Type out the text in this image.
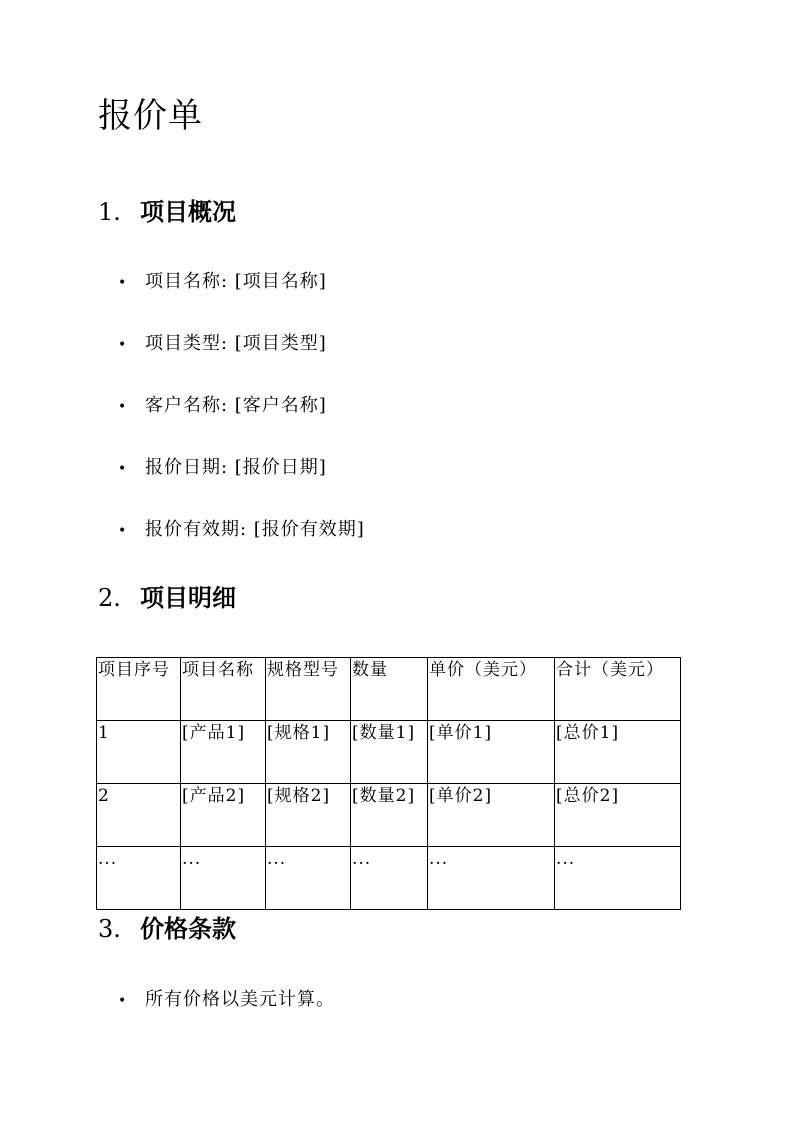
报价单
1. 项目概况
• 项目名称: [项目名称]
• 项目类型: [项目类型]
• 客户名称: [客户名称]
• 报价日期: [报价日期]
• 报价有效期: [报价有效期]
2. 项目明细
项目序号	项目名称	规格型号	数量	单价（美元）	合计（美元）
1	[产品1]	[规格1]	[数量1]	[单价1]	[总价1]
2	[产品2]	[规格2]	[数量2]	[单价2]	[总价2]
...	...	...	...	...	...
3. 价格条款
• 所有价格以美元计算。
